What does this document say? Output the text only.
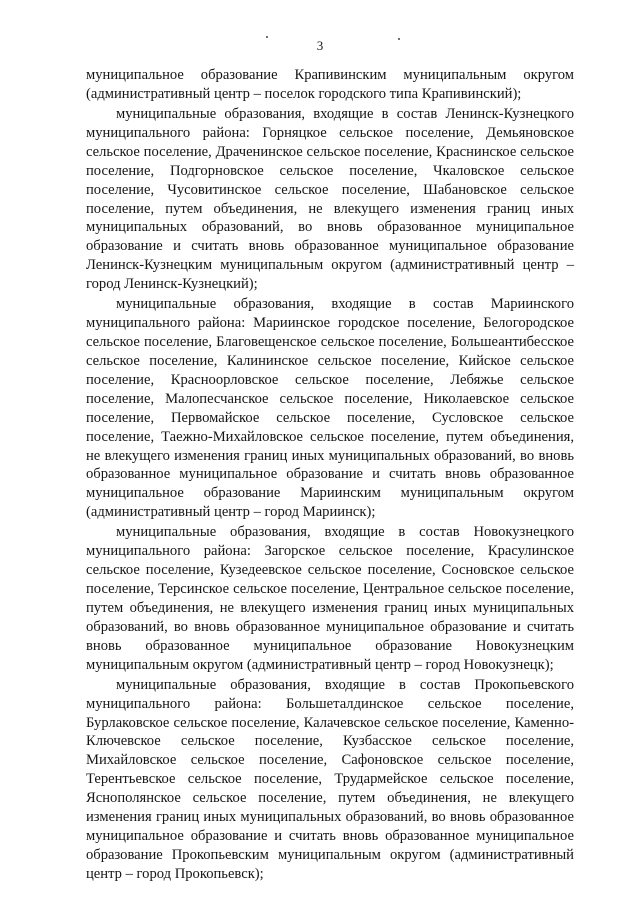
3

муниципальное образование Крапивинским муниципальным округом (административный центр – поселок городского типа Крапивинский);

муниципальные образования, входящие в состав Ленинск-Кузнецкого муниципального района: Горняцкое сельское поселение, Демьяновское сельское поселение, Драченинское сельское поселение, Краснинское сельское поселение, Подгорновское сельское поселение, Чкаловское сельское поселение, Чусовитинское сельское поселение, Шабановское сельское поселение, путем объединения, не влекущего изменения границ иных муниципальных образований, во вновь образованное муниципальное образование и считать вновь образованное муниципальное образование Ленинск-Кузнецким муниципальным округом (административный центр – город Ленинск-Кузнецкий);

муниципальные образования, входящие в состав Мариинского муниципального района: Мариинское городское поселение, Белогородское сельское поселение, Благовещенское сельское поселение, Большеантибесское сельское поселение, Калининское сельское поселение, Кийское сельское поселение, Красноорловское сельское поселение, Лебяжье сельское поселение, Малопесчанское сельское поселение, Николаевское сельское поселение, Первомайское сельское поселение, Сусловское сельское поселение, Таежно-Михайловское сельское поселение, путем объединения, не влекущего изменения границ иных муниципальных образований, во вновь образованное муниципальное образование и считать вновь образованное муниципальное образование Мариинским муниципальным округом (административный центр – город Мариинск);

муниципальные образования, входящие в состав Новокузнецкого муниципального района: Загорское сельское поселение, Красулинское сельское поселение, Кузедеевское сельское поселение, Сосновское сельское поселение, Терсинское сельское поселение, Центральное сельское поселение, путем объединения, не влекущего изменения границ иных муниципальных образований, во вновь образованное муниципальное образование и считать вновь образованное муниципальное образование Новокузнецким муниципальным округом (административный центр – город Новокузнецк);

муниципальные образования, входящие в состав Прокопьевского муниципального района: Большеталдинское сельское поселение, Бурлаковское сельское поселение, Калачевское сельское поселение, Каменно-Ключевское сельское поселение, Кузбасское сельское поселение, Михайловское сельское поселение, Сафоновское сельское поселение, Терентьевское сельское поселение, Трудармейское сельское поселение, Яснополянское сельское поселение, путем объединения, не влекущего изменения границ иных муниципальных образований, во вновь образованное муниципальное образование и считать вновь образованное муниципальное образование Прокопьевским муниципальным округом (административный центр – город Прокопьевск);
